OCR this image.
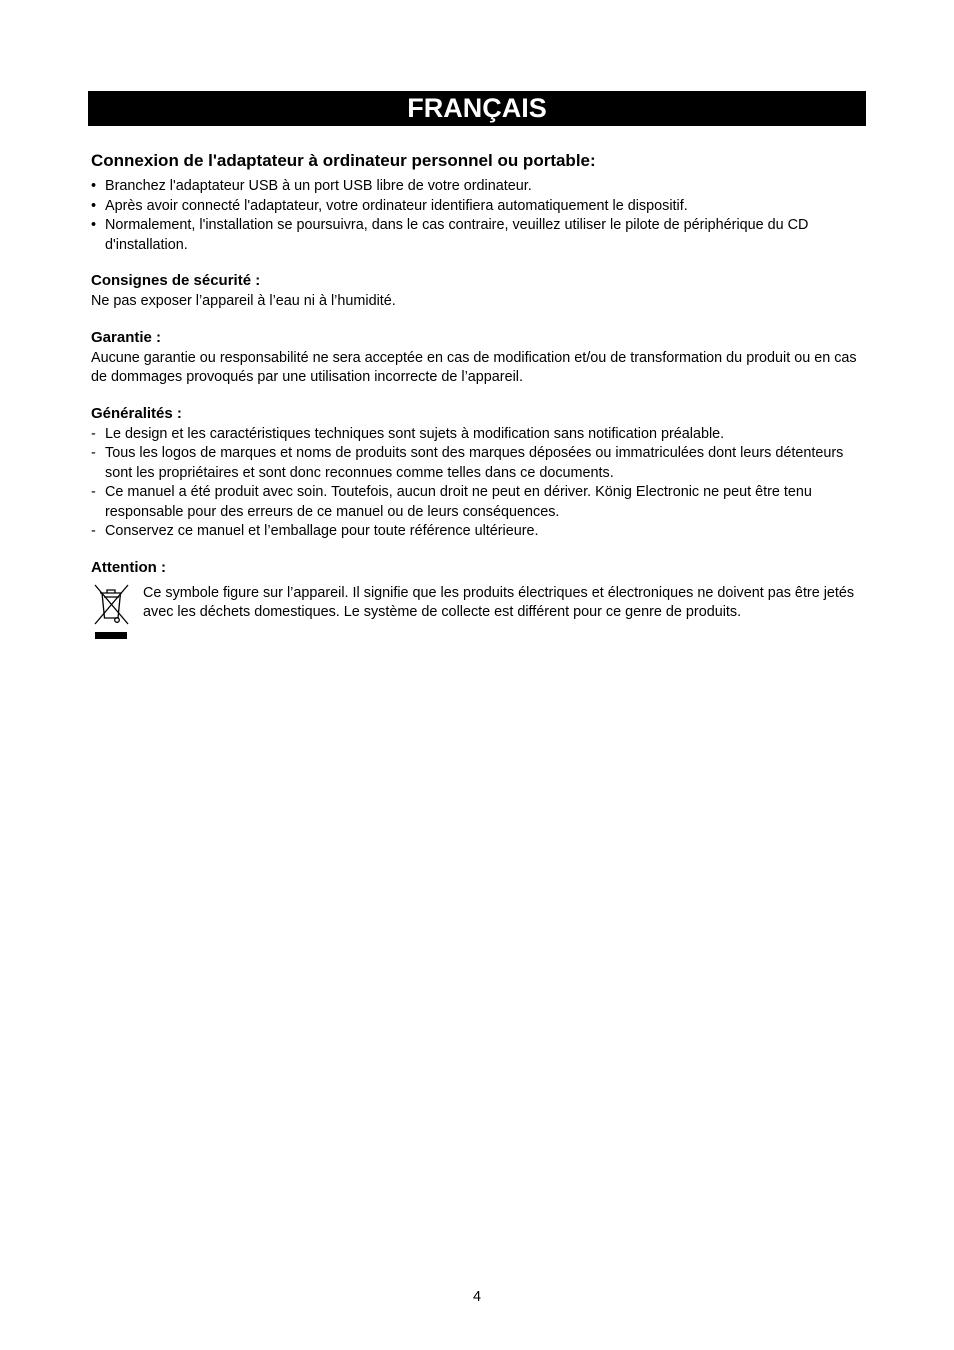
FRANÇAIS
Connexion de l'adaptateur à ordinateur personnel ou portable:
• Branchez l'adaptateur USB à un port USB libre de votre ordinateur.
• Après avoir connecté l'adaptateur, votre ordinateur identifiera automatiquement le dispositif.
• Normalement, l'installation se poursuivra, dans le cas contraire, veuillez utiliser le pilote de périphérique du CD d'installation.
Consignes de sécurité :

Ne pas exposer l’appareil à l’eau ni à l’humidité.

Garantie :

Aucune garantie ou responsabilité ne sera acceptée en cas de modification et/ou de transformation du produit ou en cas de dommages provoqués par une utilisation incorrecte de l’appareil.

Généralités :
- Le design et les caractéristiques techniques sont sujets à modification sans notification préalable.
- Tous les logos de marques et noms de produits sont des marques déposées ou immatriculées dont leurs détenteurs sont les propriétaires et sont donc reconnues comme telles dans ce documents.
- Ce manuel a été produit avec soin. Toutefois, aucun droit ne peut en dériver. König Electronic ne peut être tenu responsable pour des erreurs de ce manuel ou de leurs conséquences.
- Conservez ce manuel et l’emballage pour toute référence ultérieure.
Attention :

Ce symbole figure sur l’appareil. Il signifie que les produits électriques et électroniques ne doivent pas être jetés avec les déchets domestiques. Le système de collecte est différent pour ce genre de produits.

4
